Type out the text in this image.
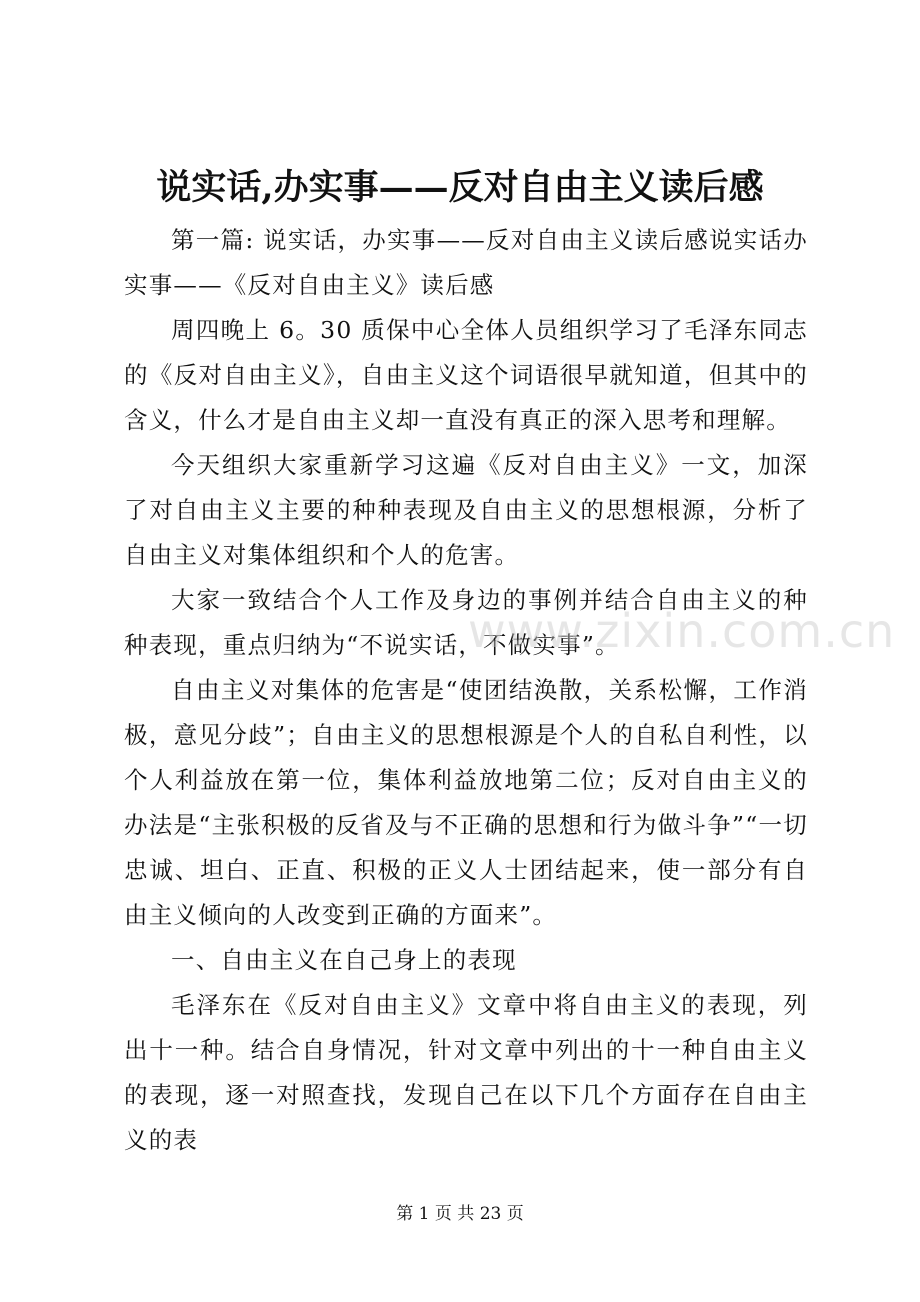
说实话,办实事——反对自由主义读后感

第一篇: 说实话，办实事——反对自由主义读后感说实话办实事——《反对自由主义》读后感

周四晚上 6。30 质保中心全体人员组织学习了毛泽东同志的《反对自由主义》，自由主义这个词语很早就知道，但其中的含义，什么才是自由主义却一直没有真正的深入思考和理解。

今天组织大家重新学习这遍《反对自由主义》一文，加深了对自由主义主要的种种表现及自由主义的思想根源，分析了自由主义对集体组织和个人的危害。

大家一致结合个人工作及身边的事例并结合自由主义的种种表现，重点归纳为“不说实话，不做实事”。

自由主义对集体的危害是“使团结涣散，关系松懈，工作消极，意见分歧”；自由主义的思想根源是个人的自私自利性，以个人利益放在第一位，集体利益放地第二位；反对自由主义的办法是“主张积极的反省及与不正确的思想和行为做斗争”“一切忠诚、坦白、正直、积极的正义人士团结起来，使一部分有自由主义倾向的人改变到正确的方面来”。

一、自由主义在自己身上的表现

毛泽东在《反对自由主义》文章中将自由主义的表现，列出十一种。结合自身情况，针对文章中列出的十一种自由主义的表现，逐一对照查找，发现自己在以下几个方面存在自由主义的表

www.zixin.com.cn
第 1 页 共 23 页
